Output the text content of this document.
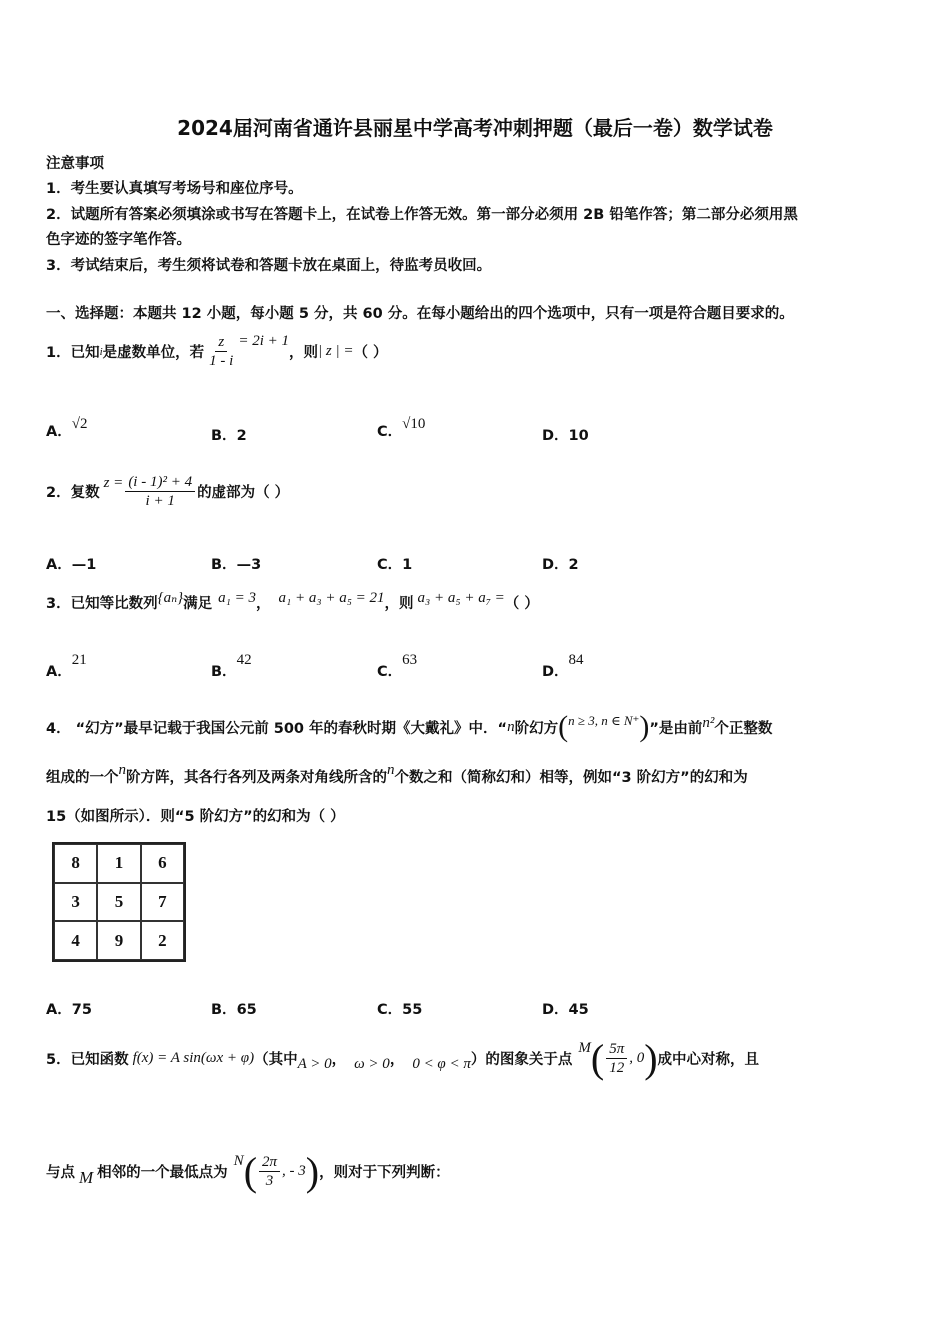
2024届河南省通许县丽星中学高考冲刺押题（最后一卷）数学试卷
注意事项
1．考生要认真填写考场号和座位序号。
2．试题所有答案必须填涂或书写在答题卡上，在试卷上作答无效。第一部分必须用 2B 铅笔作答；第二部分必须用黑
色字迹的签字笔作答。
3．考试结束后，考生须将试卷和答题卡放在桌面上，待监考员收回。
一、选择题：本题共 12 小题，每小题 5 分，共 60 分。在每小题给出的四个选项中，只有一项是符合题目要求的。
1．已知 i 是虚数单位，若 $\frac{z}{1 - i} = 2i + 1$
，则 | z | = （ ）
A．√2
B．2	C．√10
D．10
2．复数
$z = \frac{\text{(i - 1)² + 4}}{i + 1}$ 的虚部为（ ）
A．—1	B．—3	C．1	D．2
3．已知等比数列 {aₙ} 满足 a₁ = 3 ， a₁ + a₃ + a₅ = 21 ，则 a₃ + a₅ + a₇ = （ ）
A．21
B．42
C．63
D．84
4． “幻方”最早记载于我国公元前 500 年的春秋时期《大戴礼》中．“ n 阶幻方 ( n ≥ 3, n ∈ N⁺ ) ”是由前 n² 个正整数
组成的一个 n 阶方阵，其各行各列及两条对角线所含的 n 个数之和（简称幻和）相等，例如“3 阶幻方”的幻和为
15（如图所示）．则“5 阶幻方”的幻和为（ ）
8	1	6
3	5	7
4	9	2
A．75	B．65	C．55	D．45
5．已知函数 f(x) = A sin(ωx + φ) （其中 A > 0 ， ω > 0 ， 0 < φ < π ）的图象关于点
M ( $\frac{5\pi}{12}$ , 0 ) 成中心对称，且
与点 M 相邻的一个最低点为
N ( $\frac{2\pi}{3}$ , - 3 ) ，则对于下列判断：
